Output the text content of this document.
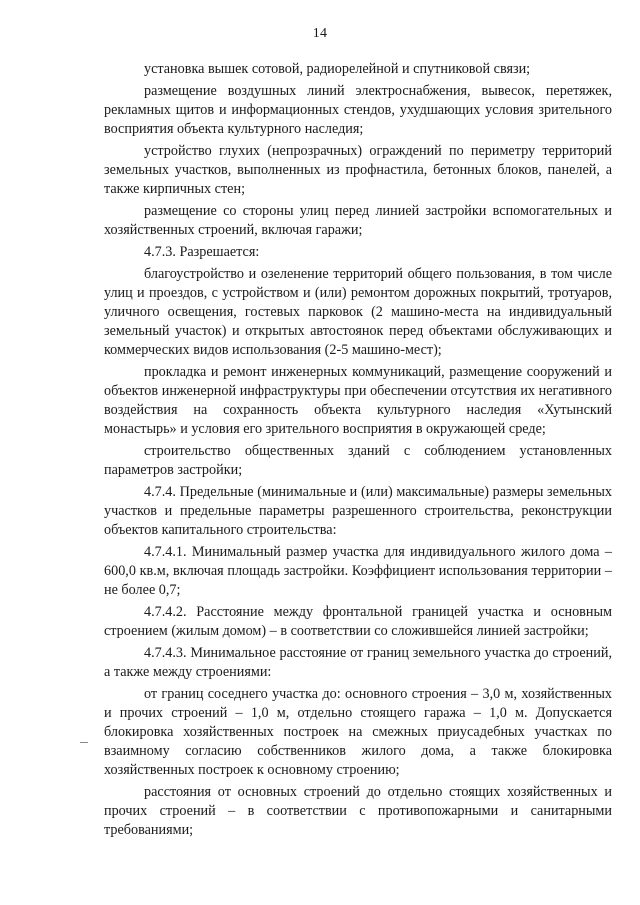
14

установка вышек сотовой, радиорелейной и спутниковой связи;

размещение воздушных линий электроснабжения, вывесок, перетяжек, рекламных щитов и информационных стендов, ухудшающих условия зрительного восприятия объекта культурного наследия;

устройство глухих (непрозрачных) ограждений по периметру территорий земельных участков, выполненных из профнастила, бетонных блоков, панелей, а также кирпичных стен;

размещение со стороны улиц перед линией застройки вспомогательных и хозяйственных строений, включая гаражи;

4.7.3. Разрешается:

благоустройство и озеленение территорий общего пользования, в том числе улиц и проездов, с устройством и (или) ремонтом дорожных покрытий, тротуаров, уличного освещения, гостевых парковок (2 машино-места на индивидуальный земельный участок) и открытых автостоянок перед объектами обслуживающих и коммерческих видов использования (2-5 машино-мест);

прокладка и ремонт инженерных коммуникаций, размещение сооружений и объектов инженерной инфраструктуры при обеспечении отсутствия их негативного воздействия на сохранность объекта культурного наследия «Хутынский монастырь» и условия его зрительного восприятия в окружающей среде;

строительство общественных зданий с соблюдением установленных параметров застройки;

4.7.4. Предельные (минимальные и (или) максимальные) размеры земельных участков и предельные параметры разрешенного строительства, реконструкции объектов капитального строительства:

4.7.4.1. Минимальный размер участка для индивидуального жилого дома – 600,0 кв.м, включая площадь застройки. Коэффициент использования территории – не более 0,7;

4.7.4.2. Расстояние между фронтальной границей участка и основным строением (жилым домом) – в соответствии со сложившейся линией застройки;

4.7.4.3. Минимальное расстояние от границ земельного участка до строений, а также между строениями:

от границ соседнего участка до: основного строения – 3,0 м, хозяйственных и прочих строений – 1,0 м, отдельно стоящего гаража – 1,0 м. Допускается блокировка хозяйственных построек на смежных приусадебных участках по взаимному согласию собственников жилого дома, а также блокировка хозяйственных построек к основному строению;

расстояния от основных строений до отдельно стоящих хозяйственных и прочих строений – в соответствии с противопожарными и санитарными требованиями;
